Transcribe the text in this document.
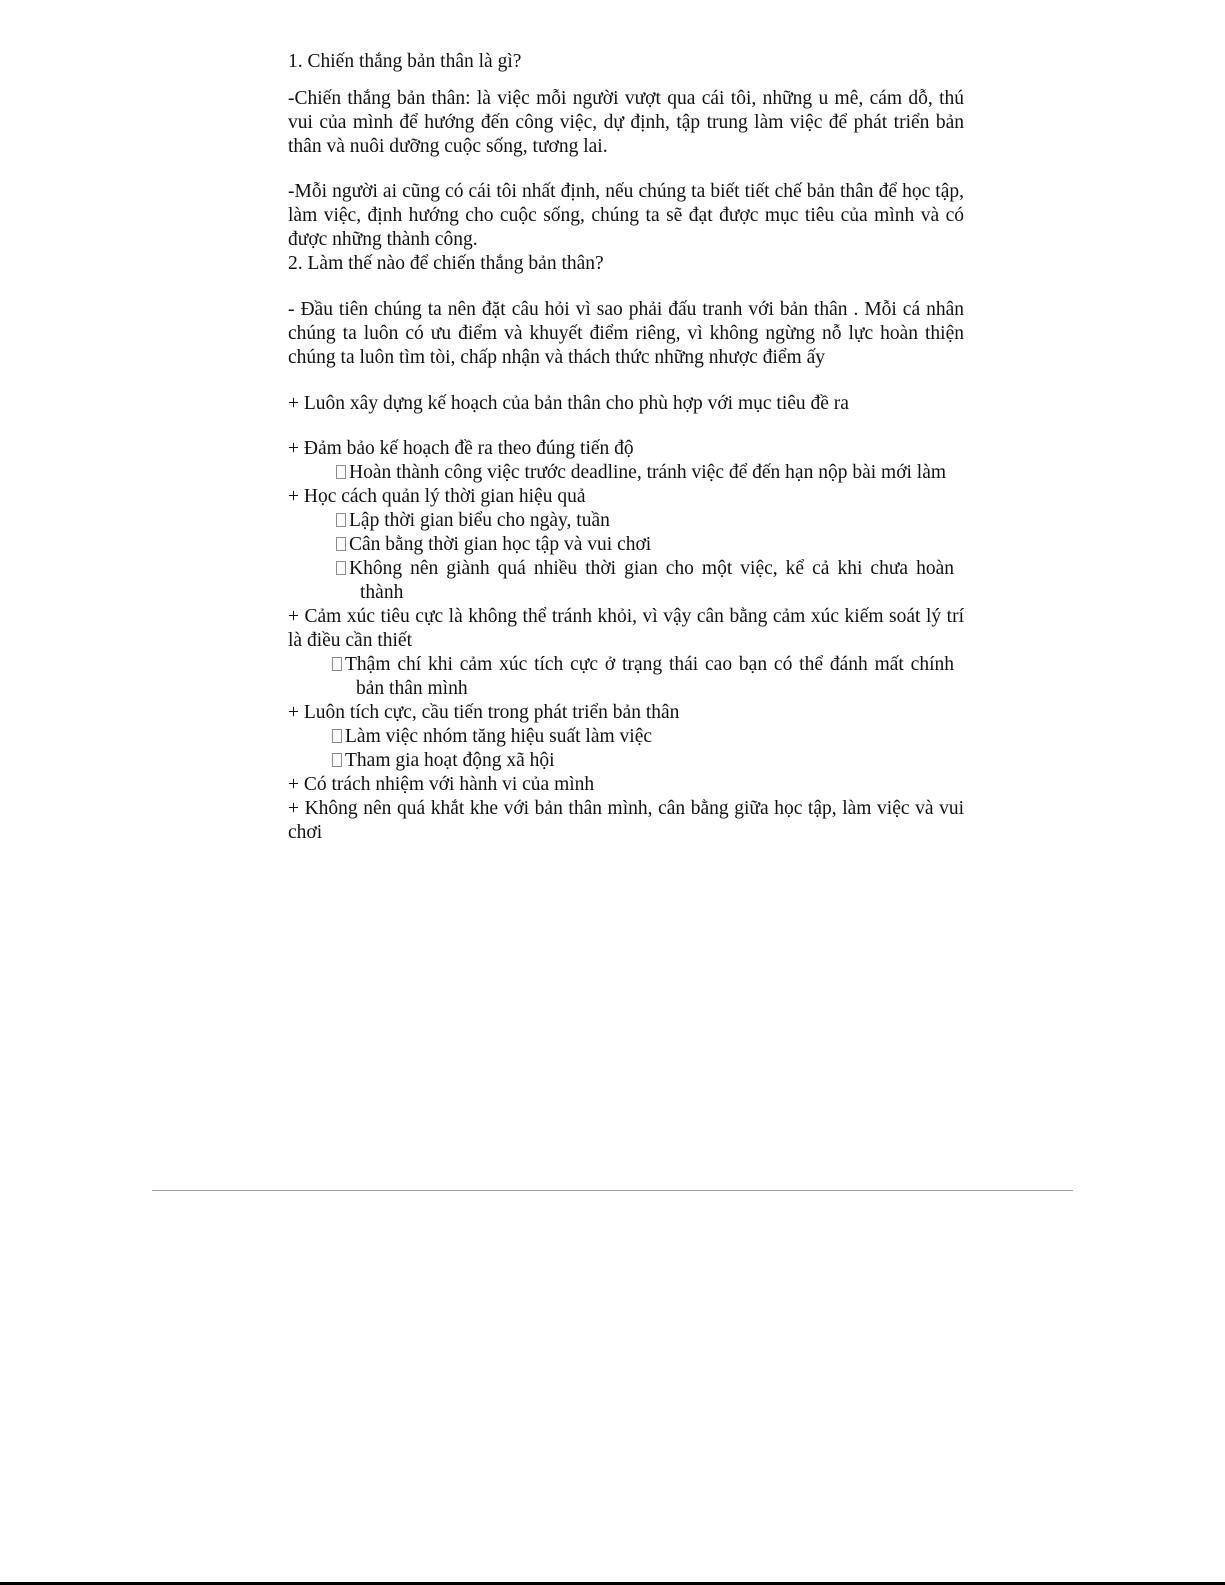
1. Chiến thắng bản thân là gì?

-Chiến thắng bản thân: là việc mỗi người vượt qua cái tôi, những u mê, cám dỗ, thú vui của mình để hướng đến công việc, dự định, tập trung làm việc để phát triển bản thân và nuôi dưỡng cuộc sống, tương lai.

-Mỗi người ai cũng có cái tôi nhất định, nếu chúng ta biết tiết chế bản thân để học tập, làm việc, định hướng cho cuộc sống, chúng ta sẽ đạt được mục tiêu của mình và có được những thành công.

2. Làm thế nào để chiến thắng bản thân?

- Đầu tiên chúng ta nên đặt câu hỏi vì sao phải đấu tranh với bản thân . Mỗi cá nhân chúng ta luôn có ưu điểm và khuyết điểm riêng, vì không ngừng nỗ lực hoàn thiện chúng ta luôn tìm tòi, chấp nhận và thách thức những nhược điểm ấy

+ Luôn xây dựng kế hoạch của bản thân cho phù hợp với mục tiêu đề ra

+ Đảm bảo kế hoạch đề ra theo đúng tiến độ

Hoàn thành công việc trước deadline, tránh việc để đến hạn nộp bài mới làm

+ Học cách quản lý thời gian hiệu quả

Lập thời gian biểu cho ngày, tuần

Cân bằng thời gian học tập và vui chơi

Không nên giành quá nhiều thời gian cho một việc, kể cả khi chưa hoàn thành

+ Cảm xúc tiêu cực là không thể tránh khỏi, vì vậy cân bằng cảm xúc kiếm soát lý trí là điều cần thiết

Thậm chí khi cảm xúc tích cực ở trạng thái cao bạn có thể đánh mất chính bản thân mình

+ Luôn tích cực, cầu tiến trong phát triển bản thân

Làm việc nhóm tăng hiệu suất làm việc

Tham gia hoạt động xã hội

+ Có trách nhiệm với hành vi của mình

+ Không nên quá khắt khe với bản thân mình, cân bằng giữa học tập, làm việc và vui chơi
